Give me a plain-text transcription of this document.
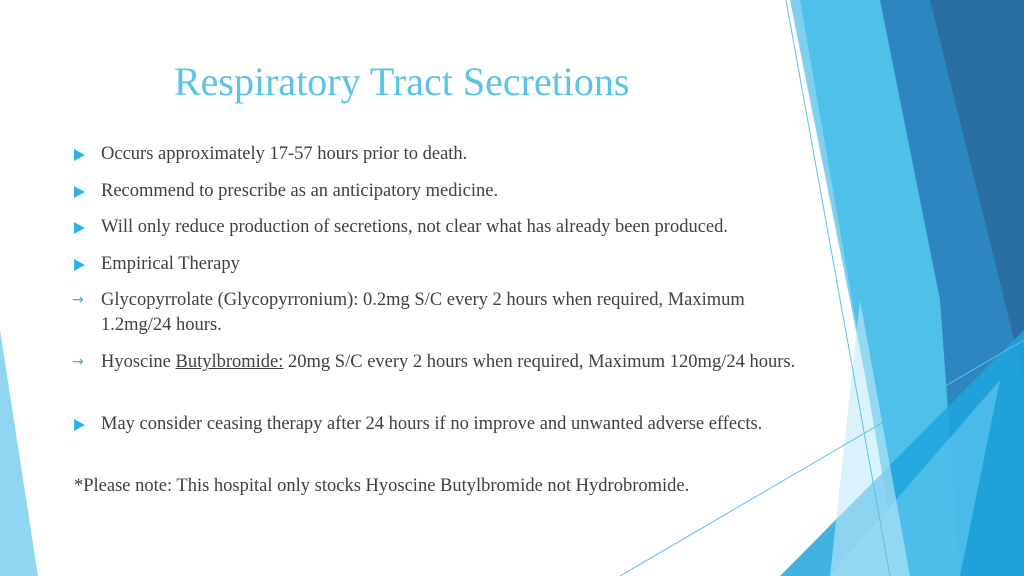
Respiratory Tract Secretions
Occurs approximately 17-57 hours prior to death.
Recommend to prescribe as an anticipatory medicine.
Will only reduce production of secretions, not clear what has already been produced.
Empirical Therapy
→ Glycopyrrolate (Glycopyrronium): 0.2mg S/C every 2 hours when required, Maximum 1.2mg/24 hours.
→ Hyoscine Butylbromide: 20mg S/C every 2 hours when required, Maximum 120mg/24 hours.
May consider ceasing therapy after 24 hours if no improve and unwanted adverse effects.
*Please note: This hospital only stocks Hyoscine Butylbromide not Hydrobromide.
